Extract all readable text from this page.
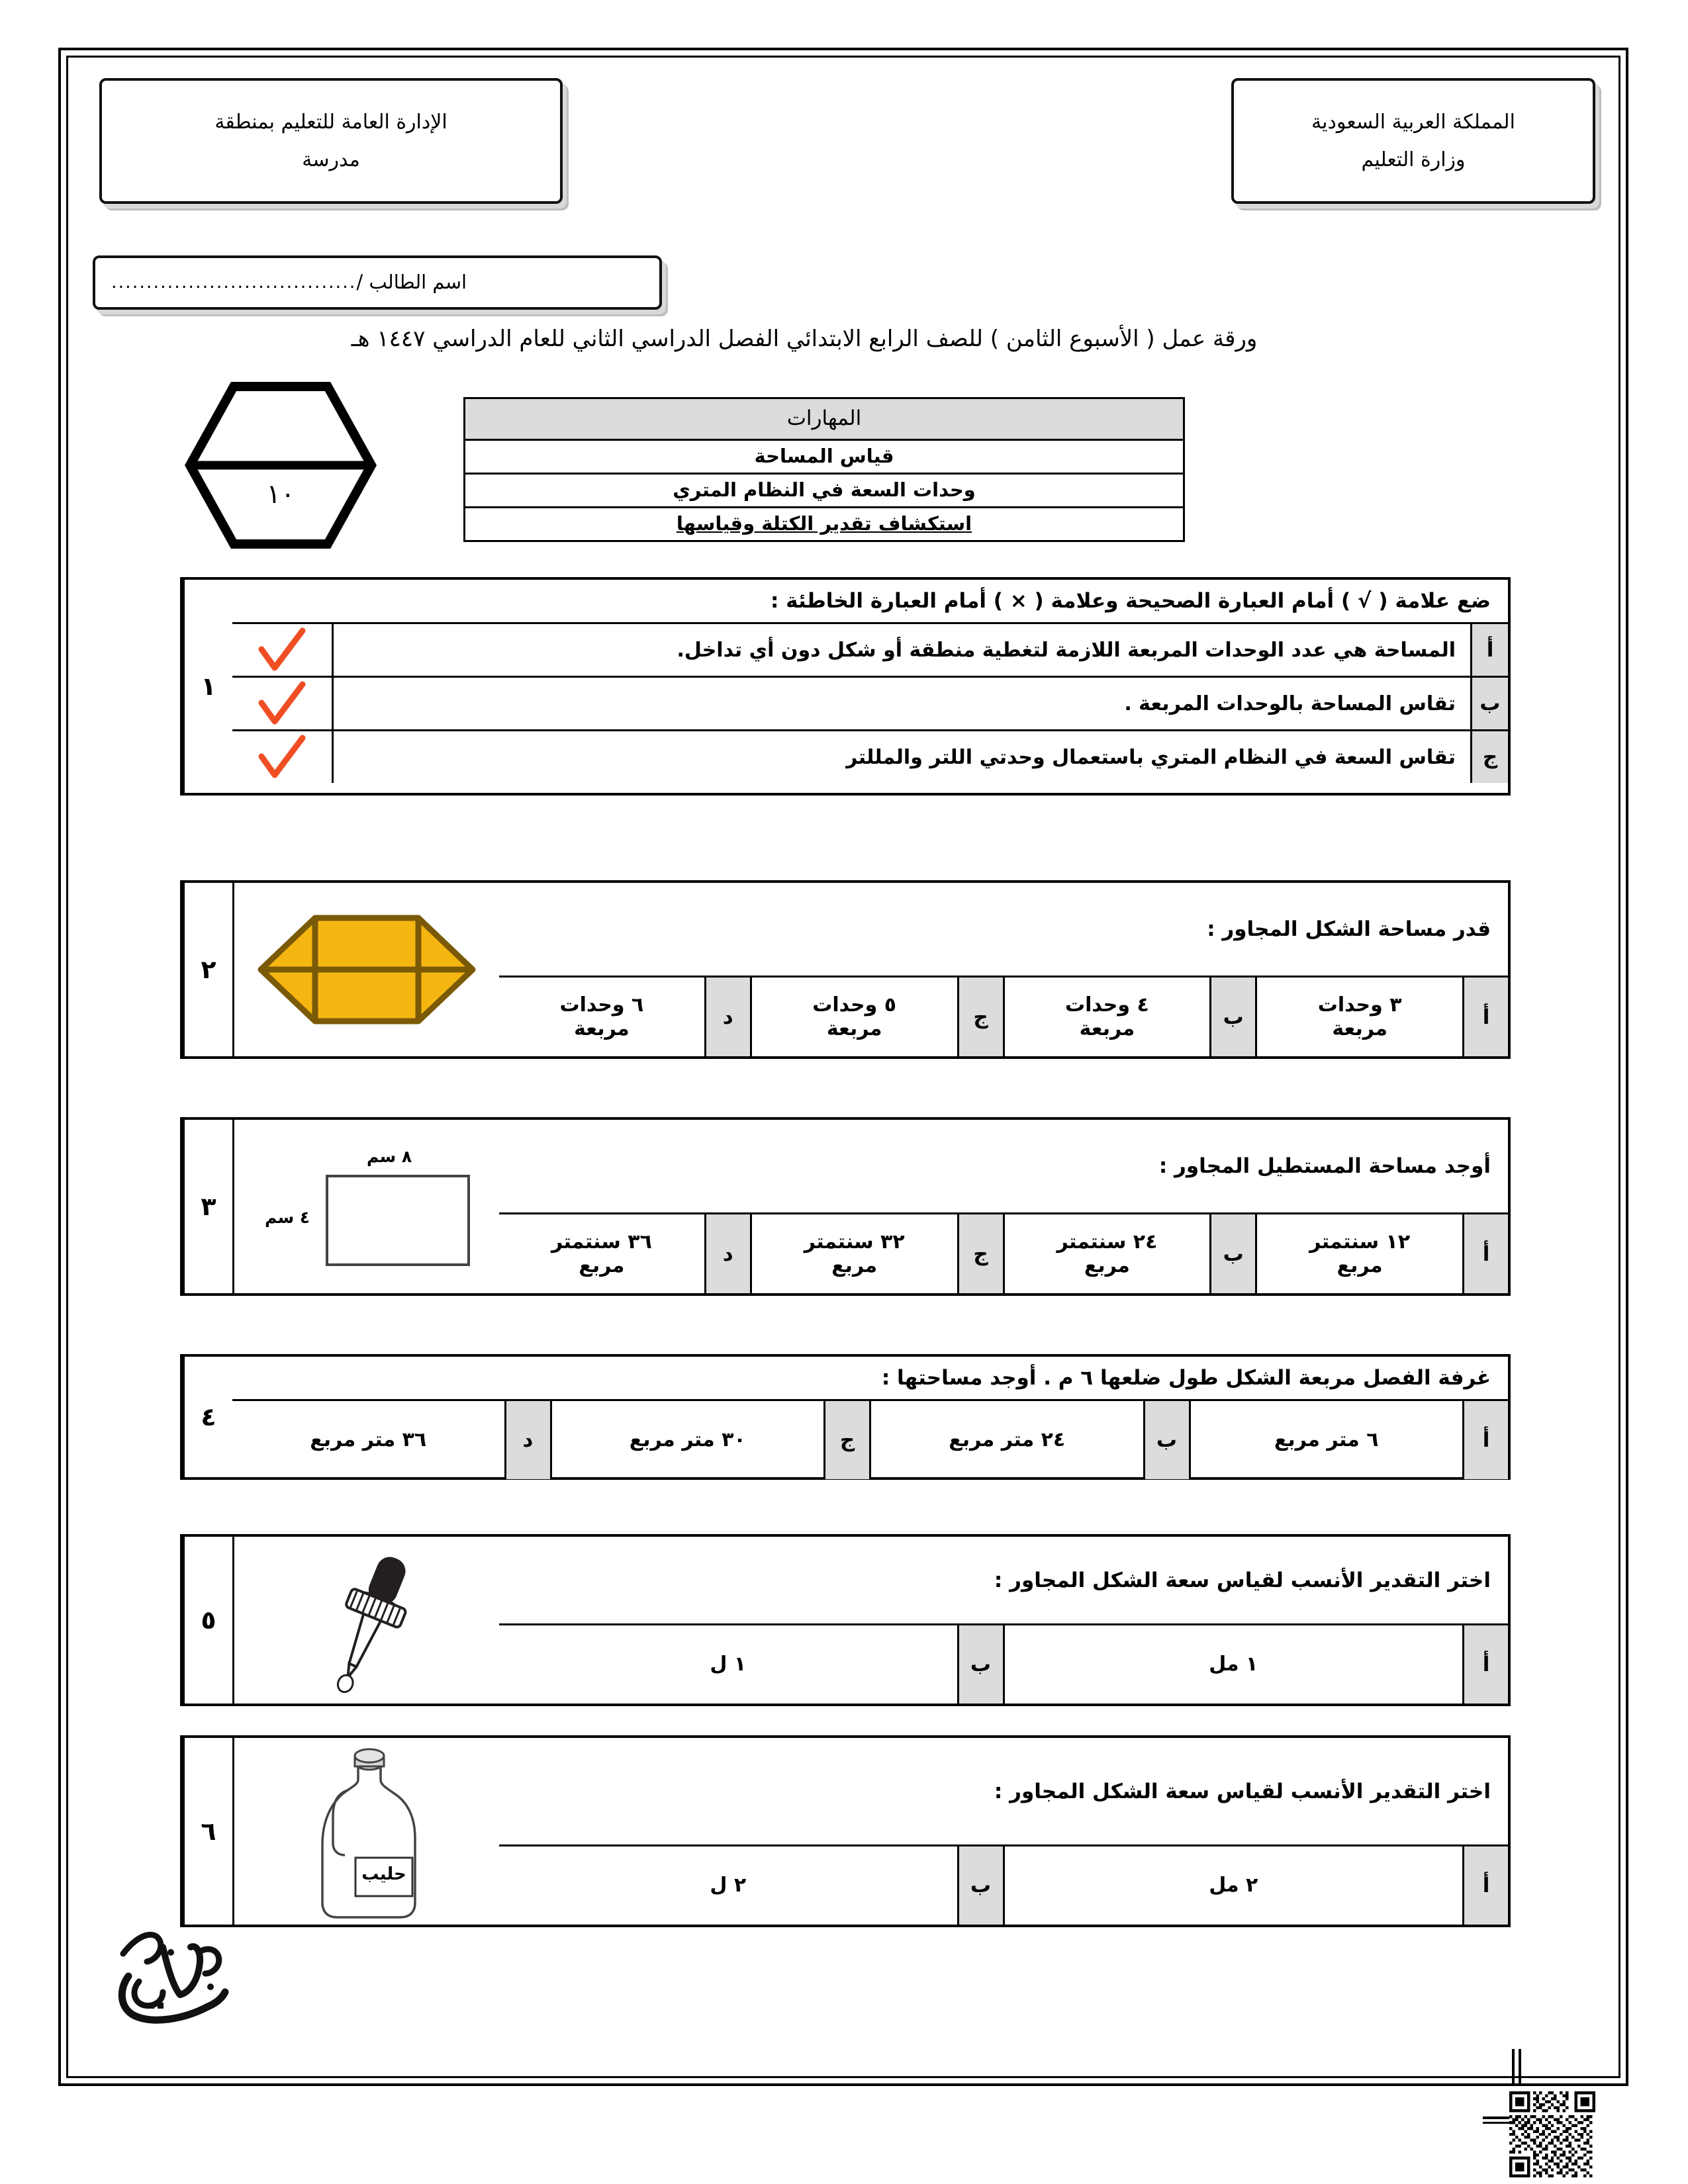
المملكة العربية السعودية
وزارة التعليم
الإدارة العامة للتعليم بمنطقة
مدرسة
اسم الطالب /
...................................
ورقة عمل ( الأسبوع الثامن ) للصف الرابع الابتدائي الفصل الدراسي الثاني للعام الدراسي ١٤٤٧ هـ
١٠
المهارات
قياس المساحة
وحدات السعة في النظام المتري
استكشاف تقدير الكتلة وقياسها
ضع علامة ( √ ) أمام العبارة الصحيحة وعلامة ( × ) أمام العبارة الخاطئة :
أ
المساحة هي عدد الوحدات المربعة اللازمة لتغطية منطقة أو شكل دون أي تداخل.
ب
تقاس المساحة بالوحدات المربعة .
ج
تقاس السعة في النظام المتري باستعمال وحدتي اللتر والمللتر
١
قدر مساحة الشكل المجاور :
أ
٣ وحدات
مربعة
ب
٤ وحدات
مربعة
ج
٥ وحدات
مربعة
د
٦ وحدات
مربعة
٢
أوجد مساحة المستطيل المجاور :
أ
١٢ سنتمتر
مربع
ب
٢٤ سنتمتر
مربع
ج
٣٢ سنتمتر
مربع
د
٣٦ سنتمتر
مربع
٨ سم
٤ سم
٣
غرفة الفصل مربعة الشكل طول ضلعها ٦ م . أوجد مساحتها :
أ
٦ متر مربع
ب
٢٤ متر مربع
ج
٣٠ متر مربع
د
٣٦ متر مربع
٤
اختر التقدير الأنسب لقياس سعة الشكل المجاور :
أ
١ مل
ب
١ ل
٥
اختر التقدير الأنسب لقياس سعة الشكل المجاور :
أ
٢ مل
ب
٢ ل
حليب
٦
